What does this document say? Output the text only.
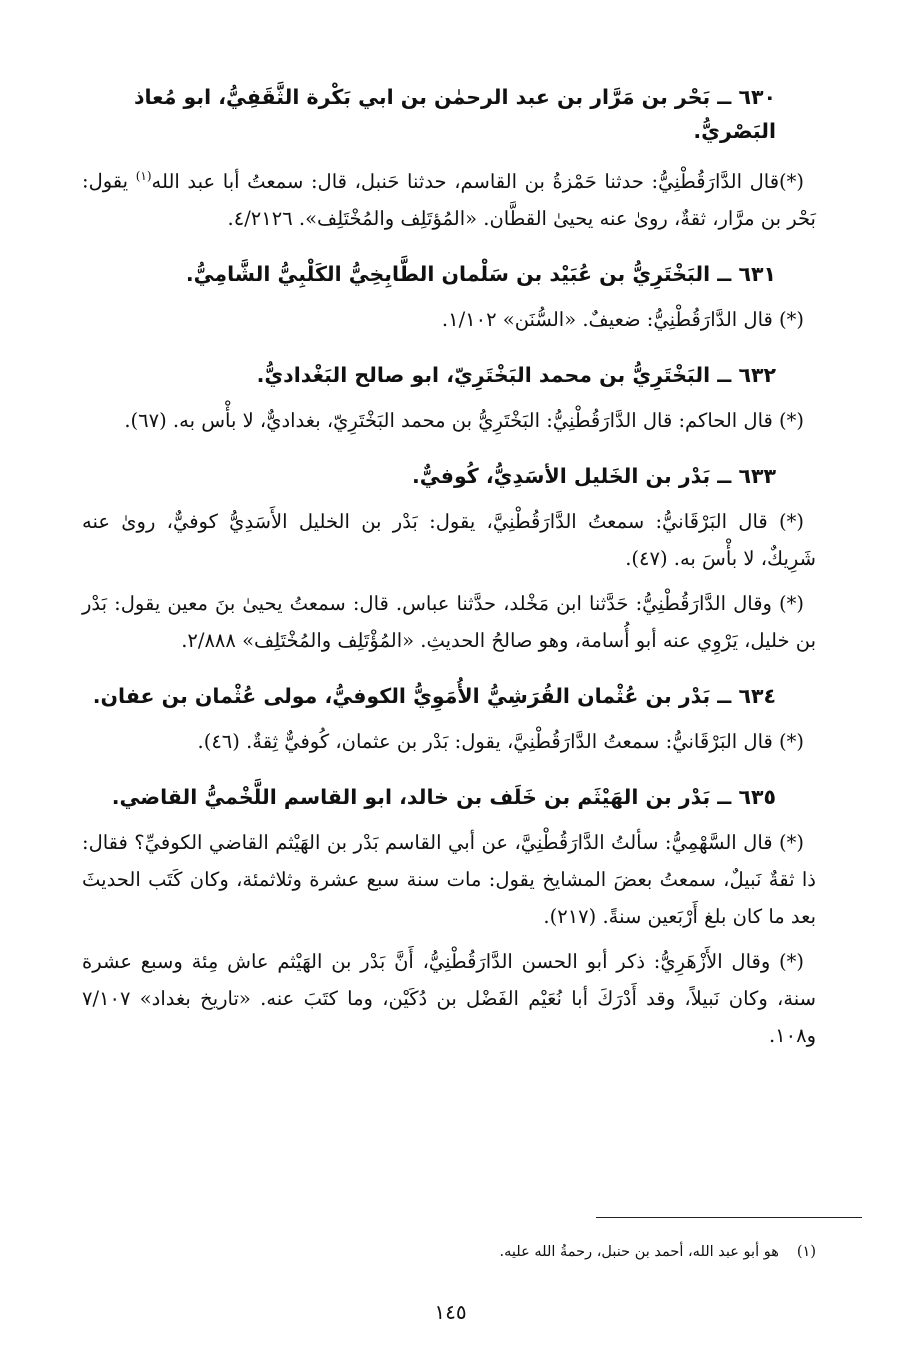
٦٣٠ ــ بَحْر بن مَرَّار بن عبد الرحمٰن بن ابي بَكْرة الثَّقَفِيُّ، ابو مُعاذ البَصْريُّ.
(*)قال الدَّارَقُطْنِيُّ: حدثنا حَمْزةُ بن القاسم، حدثنا حَنبل، قال: سمعتُ أبا عبد الله$^{(١)}$ يقول: بَحْر بن مرَّار، ثقةٌ، روىٰ عنه يحيىٰ القطَّان. «المُؤتَلِف والمُخْتَلِف». ٤/٢١٢٦.
٦٣١ ــ البَخْتَرِيُّ بن عُبَيْد بن سَلْمان الطَّابِخِيُّ الكَلْبِيُّ الشَّامِيُّ.
(*) قال الدَّارَقُطْنِيُّ: ضعيفٌ. «السُّنَن» ١/١٠٢.
٦٣٢ ــ البَخْتَرِيُّ بن محمد البَخْتَرِيّ، ابو صالح البَغْداديُّ.
(*) قال الحاكم: قال الدَّارَقُطْنِيُّ: البَخْتَرِيُّ بن محمد البَخْتَرِيّ، بغداديٌّ، لا بأْس به. (٦٧).
٦٣٣ ــ بَدْر بن الخَليل الأسَدِيُّ، كُوفيٌّ.
(*) قال البَرْقَانيُّ: سمعتُ الدَّارَقُطْنِيَّ، يقول: بَدْر بن الخليل الأَسَدِيُّ كوفيٌّ، روىٰ عنه شَرِيكٌ، لا بأْسَ به. (٤٧).
(*) وقال الدَّارَقُطْنِيُّ: حَدَّثنا ابن مَخْلد، حدَّثنا عباس. قال: سمعتُ يحيىٰ بنَ معين يقول: بَدْر بن خليل، يَرْوِي عنه أبو أُسامة، وهو صالحُ الحديثِ. «المُؤْتَلِف والمُخْتَلِف» ٢/٨٨٨.
٦٣٤ ــ بَدْر بن عُثْمان القُرَشِيُّ الأُمَوِيُّ الكوفيُّ، مولى عُثْمان بن عفان.
(*) قال البَرْقَانيُّ: سمعتُ الدَّارَقُطْنِيَّ، يقول: بَدْر بن عثمان، كُوفيٌّ ثِقةٌ. (٤٦).
٦٣٥ ــ بَدْر بن الهَيْثَم بن خَلَف بن خالد، ابو القاسم اللَّخْميُّ القاضي.
(*) قال السَّهْمِيُّ: سألتُ الدَّارَقُطْنِيَّ، عن أبي القاسم بَدْر بن الهَيْثم القاضي الكوفيِّ؟ فقال: ذا ثقةٌ نَبيلٌ، سمعتُ بعضَ المشايخ يقول: مات سنة سبع عشرة وثلاثمئة، وكان كَتَب الحديثَ بعد ما كان بلغ أَرْبَعين سنةً. (٢١٧).
(*) وقال الأَزْهَرِيُّ: ذكر أبو الحسن الدَّارَقُطْنِيُّ، أَنَّ بَدْر بن الهَيْثم عاش مِئة وسبع عشرة سنة، وكان نَبيلاً، وقد أَدْرَكَ أبا نُعَيْم الفَضْل بن دُكَيْن، وما كتَبَ عنه. «تاريخ بغداد» ٧/١٠٧ و١٠٨.
(١)هو أبو عبد الله، أحمد بن حنبل، رحمةُ الله عليه.
١٤٥
